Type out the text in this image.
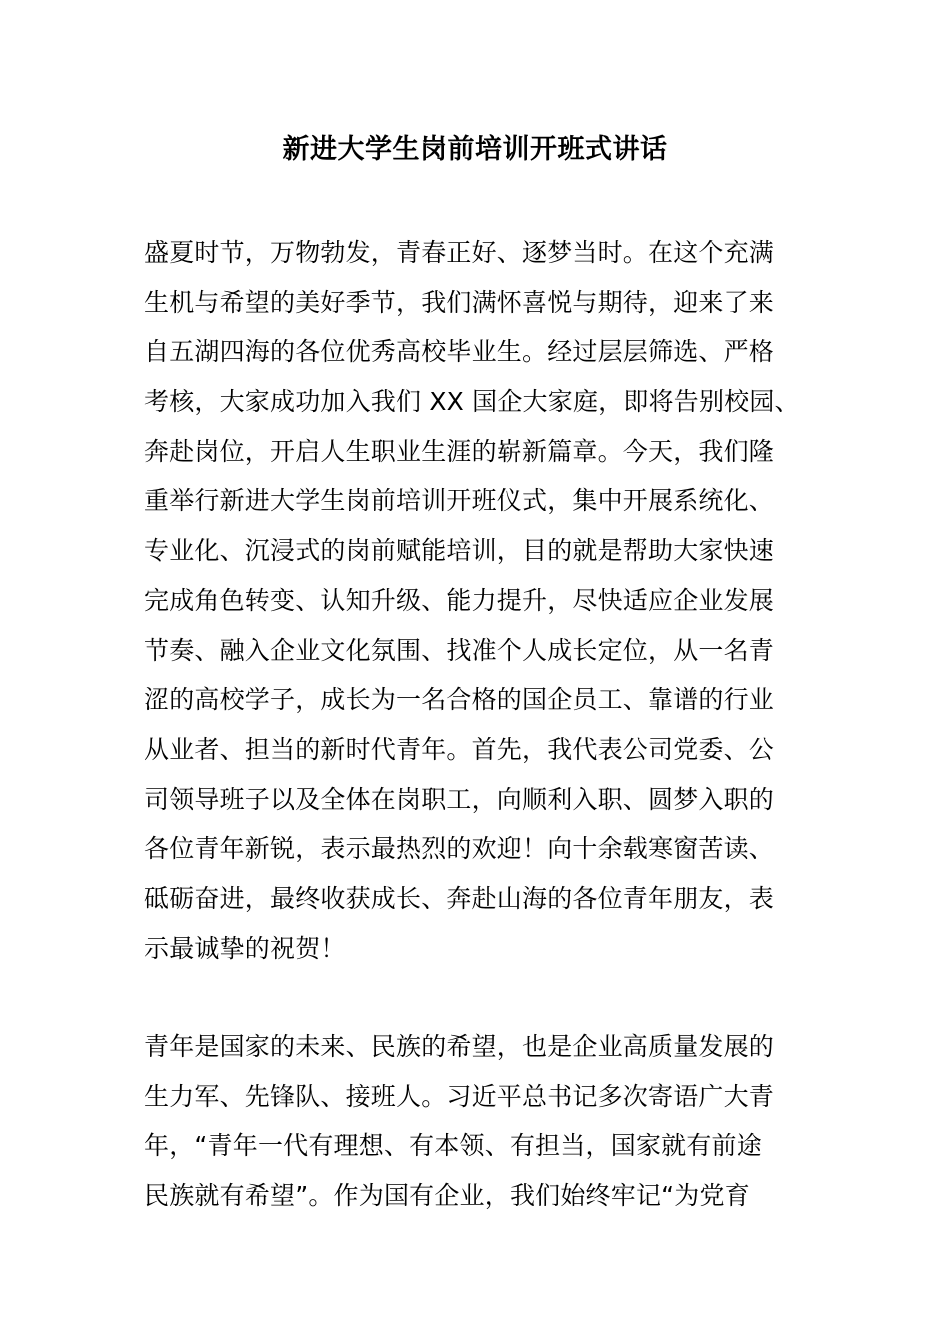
新进大学生岗前培训开班式讲话
盛夏时节，万物勃发，青春正好、逐梦当时。在这个充满
生机与希望的美好季节，我们满怀喜悦与期待，迎来了来
自五湖四海的各位优秀高校毕业生。经过层层筛选、严格
考核，大家成功加入我们 XX 国企大家庭，即将告别校园、
奔赴岗位，开启人生职业生涯的崭新篇章。今天，我们隆
重举行新进大学生岗前培训开班仪式，集中开展系统化、
专业化、沉浸式的岗前赋能培训，目的就是帮助大家快速
完成角色转变、认知升级、能力提升，尽快适应企业发展
节奏、融入企业文化氛围、找准个人成长定位，从一名青
涩的高校学子，成长为一名合格的国企员工、靠谱的行业
从业者、担当的新时代青年。首先，我代表公司党委、公
司领导班子以及全体在岗职工，向顺利入职、圆梦入职的
各位青年新锐，表示最热烈的欢迎！向十余载寒窗苦读、
砥砺奋进，最终收获成长、奔赴山海的各位青年朋友，表
示最诚挚的祝贺！
青年是国家的未来、民族的希望，也是企业高质量发展的
生力军、先锋队、接班人。习近平总书记多次寄语广大青
年，“青年一代有理想、有本领、有担当，国家就有前途
民族就有希望”。作为国有企业，我们始终牢记“为党育
